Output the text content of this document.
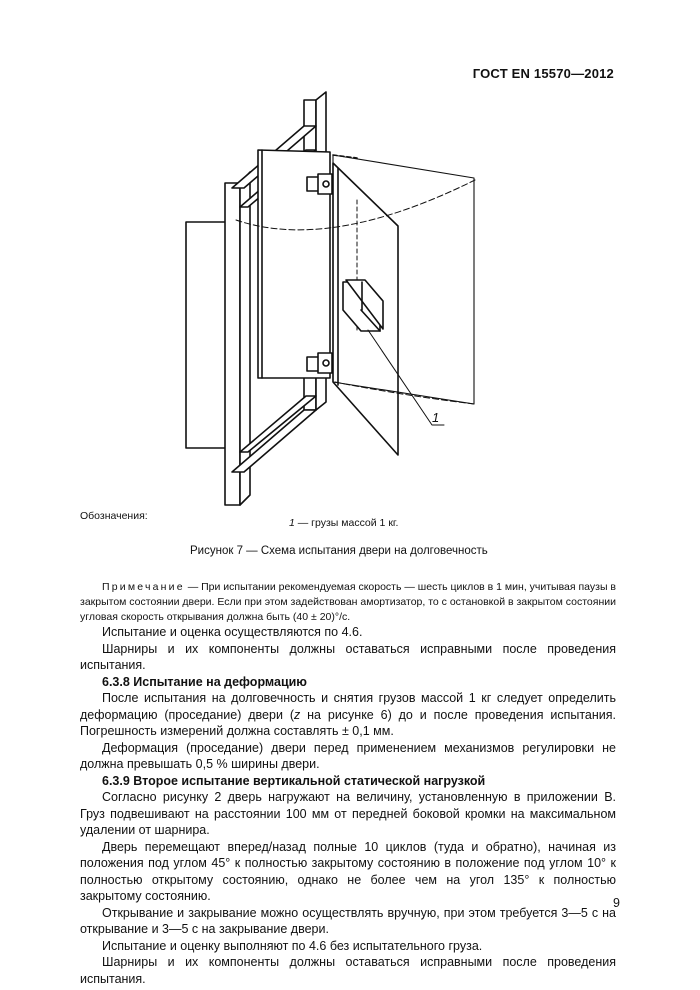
ГОСТ EN 15570—2012
1
Обозначения:
1 — грузы массой 1 кг.
Рисунок 7 — Схема испытания двери на долговечность

Примечание — При испытании рекомендуемая скорость — шесть циклов в 1 мин, учитывая паузы в закрытом состоянии двери. Если при этом задействован амортизатор, то с остановкой в закрытом состоянии угловая скорость открывания должна быть (40 ± 20)°/с.

Испытание и оценка осуществляются по 4.6.

Шарниры и их компоненты должны оставаться исправными после проведения испытания.

6.3.8 Испытание на деформацию

После испытания на долговечность и снятия грузов массой 1 кг следует определить деформацию (проседание) двери (z на рисунке 6) до и после проведения испытания. Погрешность измерений должна составлять ± 0,1 мм.

Деформация (проседание) двери перед применением механизмов регулировки не должна превышать 0,5 % ширины двери.

6.3.9 Второе испытание вертикальной статической нагрузкой

Согласно рисунку 2 дверь нагружают на величину, установленную в приложении В. Груз подвешивают на расстоянии 100 мм от передней боковой кромки на максимальном удалении от шарнира.

Дверь перемещают вперед/назад полные 10 циклов (туда и обратно), начиная из положения под углом 45° к полностью закрытому состоянию в положение под углом 10° к полностью открытому состоянию, однако не более чем на угол 135° к полностью закрытому состоянию.

Открывание и закрывание можно осуществлять вручную, при этом требуется 3—5 с на открывание и 3—5 с на закрывание двери.

Испытание и оценку выполняют по 4.6 без испытательного груза.

Шарниры и их компоненты должны оставаться исправными после проведения испытания.

9
